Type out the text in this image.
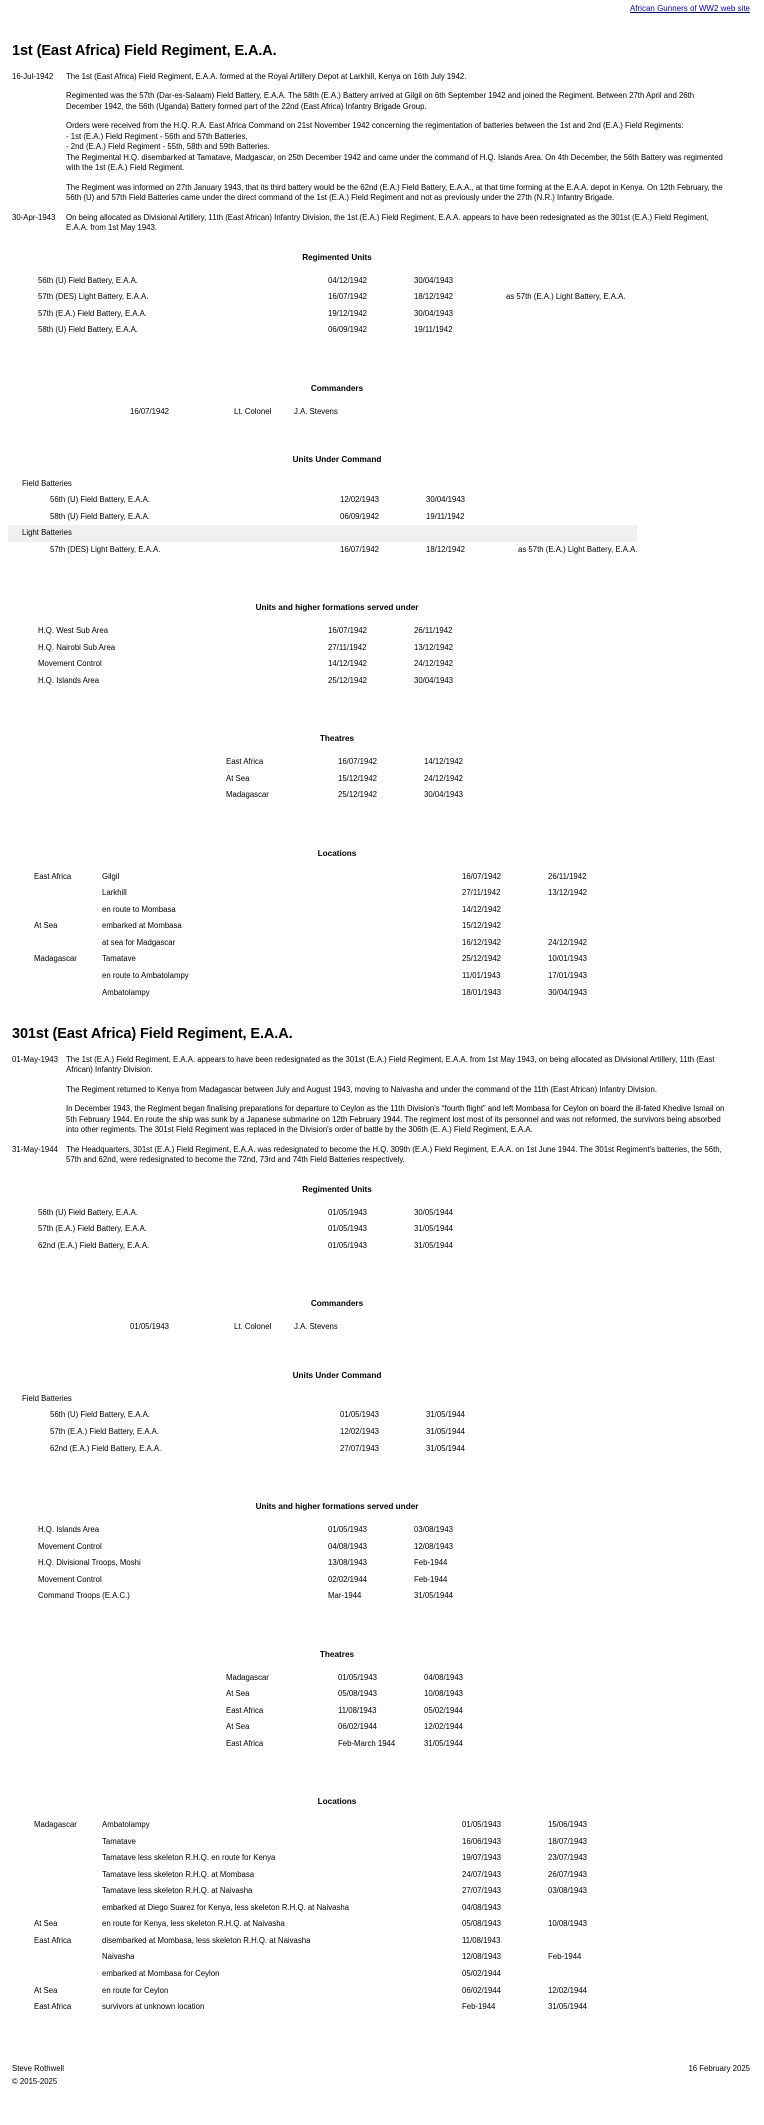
African Gunners of WW2 web site
1st (East Africa) Field Regiment, E.A.A.
16-Jul-1942	The 1st (East Africa) Field Regiment, E.A.A. formed at the Royal Artillery Depot at Larkhill, Kenya on 16th July 1942.

Regimented was the 57th (Dar-es-Salaam) Field Battery, E.A.A. The 58th (E.A.) Battery arrived at Gilgil on 6th September 1942 and joined the Regiment. Between 27th April and 26th December 1942, the 56th (Uganda) Battery formed part of the 22nd (East Africa) Infantry Brigade Group.

Orders were received from the H.Q. R.A. East Africa Command on 21st November 1942 concerning the regimentation of batteries between the 1st and 2nd (E.A.) Field Regiments:

- 1st (E.A.) Field Regiment - 56th and 57th Batteries,

- 2nd (E.A.) Field Regiment - 55th, 58th and 59th Batteries.

The Regimental H.Q. disembarked at Tamatave, Madgascar, on 25th December 1942 and came under the command of H.Q. Islands Area. On 4th December, the 56th Battery was regimented with the 1st (E.A.) Field Regiment.

The Regiment was informed on 27th January 1943, that its third battery would be the 62nd (E.A.) Field Battery, E.A.A., at that time forming at the E.A.A. depot in Kenya. On 12th February, the 56th (U) and 57th Field Batteries came under the direct command of the 1st (E.A.) Field Regiment and not as previously under the 27th (N.R.) Infantry Brigade.

30-Apr-1943	On being allocated as Divisional Artillery, 11th (East African) Infantry Division, the 1st (E.A.) Field Regiment, E.A.A. appears to have been redesignated as the 301st (E.A.) Field Regiment, E.A.A. from 1st May 1943.

Regimented Units
56th (U) Field Battery, E.A.A.	04/12/1942	30/04/1943	
57th (DES) Light Battery, E.A.A.	16/07/1942	18/12/1942	as 57th (E.A.) Light Battery, E.A.A.
57th (E.A.) Field Battery, E.A.A.	19/12/1942	30/04/1943	
58th (U) Field Battery, E.A.A.	06/09/1942	19/11/1942	
Commanders
16/07/1942	Lt. Colonel	J.A. Stevens
Units Under Command
Field Batteries			
56th (U) Field Battery, E.A.A.	12/02/1943	30/04/1943	
58th (U) Field Battery, E.A.A.	06/09/1942	19/11/1942	
Light Batteries			
57th (DES) Light Battery, E.A.A.	16/07/1942	18/12/1942	as 57th (E.A.) Light Battery, E.A.A.
Units and higher formations served under
H.Q. West Sub Area	16/07/1942	26/11/1942
H.Q. Nairobi Sub Area	27/11/1942	13/12/1942
Movement Control	14/12/1942	24/12/1942
H.Q. Islands Area	25/12/1942	30/04/1943
Theatres
East Africa	16/07/1942	14/12/1942
At Sea	15/12/1942	24/12/1942
Madagascar	25/12/1942	30/04/1943
Locations
East Africa	Gilgil	16/07/1942	26/11/1942
	Larkhill	27/11/1942	13/12/1942
	en route to Mombasa	14/12/1942	
At Sea	embarked at Mombasa	15/12/1942	
	at sea for Madgascar	16/12/1942	24/12/1942
Madagascar	Tamatave	25/12/1942	10/01/1943
	en route to Ambatolampy	11/01/1943	17/01/1943
	Ambatolampy	18/01/1943	30/04/1943
301st (East Africa) Field Regiment, E.A.A.
01-May-1943	The 1st (E.A.) Field Regiment, E.A.A. appears to have been redesignated as the 301st (E.A.) Field Regiment, E.A.A. from 1st May 1943, on being allocated as Divisional Artillery, 11th (East African) Infantry Division.

The Regiment returned to Kenya from Madagascar between July and August 1943, moving to Naivasha and under the command of the 11th (East African) Infantry Division.

In December 1943, the Regiment began finalising preparations for departure to Ceylon as the 11th Division's “fourth flight” and left Mombasa for Ceylon on board the ill-fated Khedive Ismail on 5th February 1944. En route the ship was sunk by a Japanese submarine on 12th February 1944. The regiment lost most of its personnel and was not reformed, the survivors being absorbed into other regiments. The 301st Field Regiment was replaced in the Division's order of battle by the 306th (E. A.) Field Regiment, E.A.A.

31-May-1944	The Headquarters, 301st (E.A.) Field Regiment, E.A.A. was redesignated to become the H.Q. 309th (E.A.) Field Regiment, E.A.A. on 1st June 1944. The 301st Regiment's batteries, the 56th, 57th and 62nd, were redesignated to become the 72nd, 73rd and 74th Field Batteries respectively.

Regimented Units
56th (U) Field Battery, E.A.A.	01/05/1943	30/05/1944	
57th (E.A.) Field Battery, E.A.A.	01/05/1943	31/05/1944	
62nd (E.A.) Field Battery, E.A.A.	01/05/1943	31/05/1944	
Commanders
01/05/1943	Lt. Colonel	J.A. Stevens
Units Under Command
Field Batteries			
56th (U) Field Battery, E.A.A.	01/05/1943	31/05/1944	
57th (E.A.) Field Battery, E.A.A.	12/02/1943	31/05/1944	
62nd (E.A.) Field Battery, E.A.A.	27/07/1943	31/05/1944	
Units and higher formations served under
H.Q. Islands Area	01/05/1943	03/08/1943
Movement Control	04/08/1943	12/08/1943
H.Q. Divisional Troops, Moshi	13/08/1943	Feb-1944
Movement Control	02/02/1944	Feb-1944
Command Troops (E.A.C.)	Mar-1944	31/05/1944
Theatres
Madagascar	01/05/1943	04/08/1943
At Sea	05/08/1943	10/08/1943
East Africa	11/08/1943	05/02/1944
At Sea	06/02/1944	12/02/1944
East Africa	Feb-March 1944	31/05/1944
Locations
Madagascar	Ambatolampy	01/05/1943	15/06/1943
	Tamatave	16/06/1943	18/07/1943
	Tamatave less skeleton R.H.Q. en route for Kenya	19/07/1943	23/07/1943
	Tamatave less skeleton R.H.Q. at Mombasa	24/07/1943	26/07/1943
	Tamatave less skeleton R.H.Q. at Naivasha	27/07/1943	03/08/1943
	embarked at Diego Suarez for Kenya, less skeleton R.H.Q. at Naivasha	04/08/1943	
At Sea	en route for Kenya, less skeleton R.H.Q. at Naivasha	05/08/1943	10/08/1943
East Africa	disembarked at Mombasa, less skeleton R.H.Q. at Naivasha	11/08/1943	
	Naivasha	12/08/1943	Feb-1944
	embarked at Mombasa for Ceylon	05/02/1944	
At Sea	en route for Ceylon	06/02/1944	12/02/1944
East Africa	survivors at unknown location	Feb-1944	31/05/1944
Steve Rothwell
© 2015-2025
16 February 2025
